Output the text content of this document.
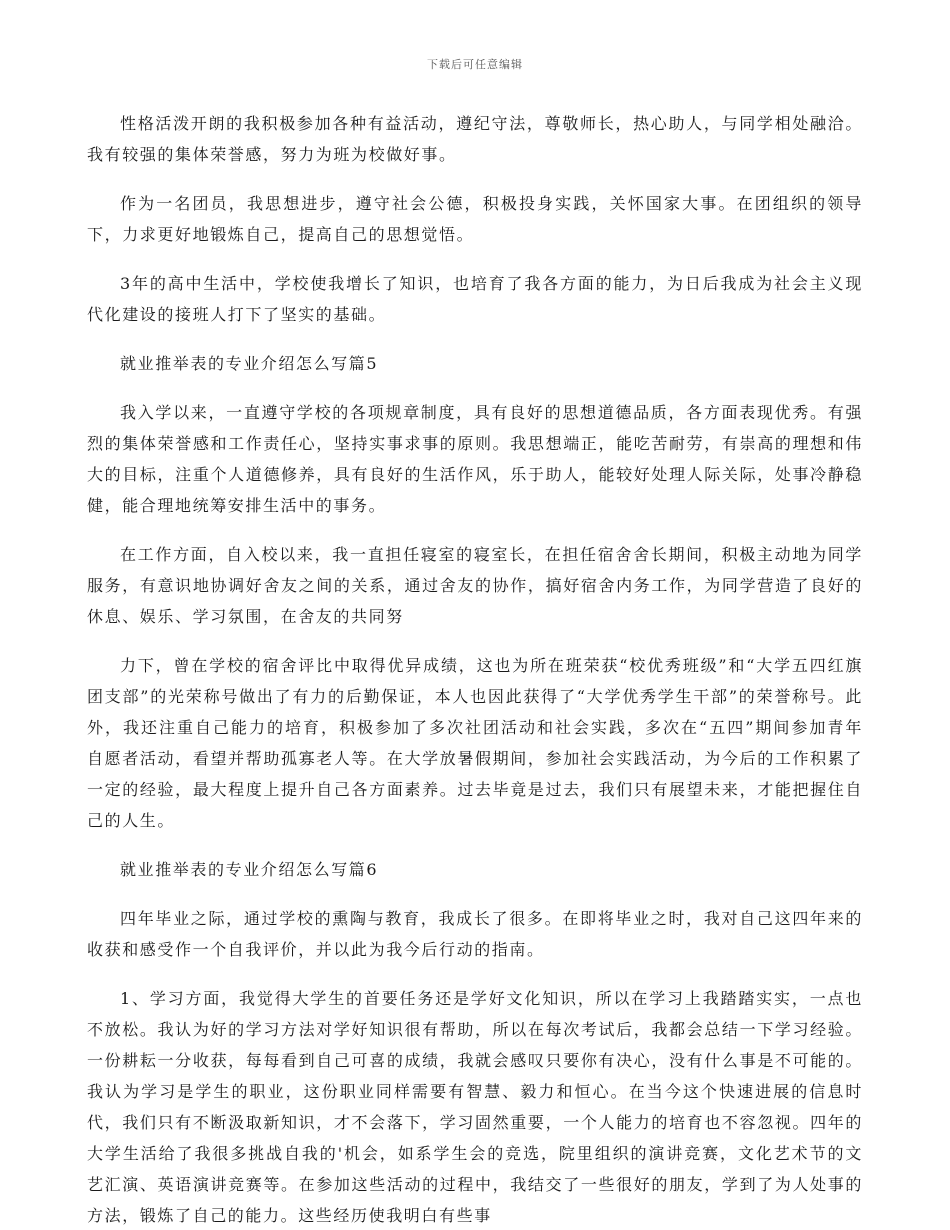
下载后可任意编辑

性格活泼开朗的我积极参加各种有益活动，遵纪守法，尊敬师长，热心助人，与同学相处融洽。我有较强的集体荣誉感，努力为班为校做好事。

作为一名团员，我思想进步，遵守社会公德，积极投身实践，关怀国家大事。在团组织的领导下，力求更好地锻炼自己，提高自己的思想觉悟。

3年的高中生活中，学校使我增长了知识，也培育了我各方面的能力，为日后我成为社会主义现代化建设的接班人打下了坚实的基础。

就业推举表的专业介绍怎么写篇5

我入学以来，一直遵守学校的各项规章制度，具有良好的思想道德品质，各方面表现优秀。有强烈的集体荣誉感和工作责任心，坚持实事求事的原则。我思想端正，能吃苦耐劳，有崇高的理想和伟大的目标，注重个人道德修养，具有良好的生活作风，乐于助人，能较好处理人际关际，处事冷静稳健，能合理地统筹安排生活中的事务。

在工作方面，自入校以来，我一直担任寝室的寝室长，在担任宿舍舍长期间，积极主动地为同学服务，有意识地协调好舍友之间的关系，通过舍友的协作，搞好宿舍内务工作，为同学营造了良好的休息、娱乐、学习氛围，在舍友的共同努

力下，曾在学校的宿舍评比中取得优异成绩，这也为所在班荣获“校优秀班级”和“大学五四红旗团支部”的光荣称号做出了有力的后勤保证，本人也因此获得了“大学优秀学生干部”的荣誉称号。此外，我还注重自己能力的培育，积极参加了多次社团活动和社会实践，多次在“五四”期间参加青年自愿者活动，看望并帮助孤寡老人等。在大学放暑假期间，参加社会实践活动，为今后的工作积累了一定的经验，最大程度上提升自己各方面素养。过去毕竟是过去，我们只有展望未来，才能把握住自己的人生。

就业推举表的专业介绍怎么写篇6

四年毕业之际，通过学校的熏陶与教育，我成长了很多。在即将毕业之时，我对自己这四年来的收获和感受作一个自我评价，并以此为我今后行动的指南。

1、学习方面，我觉得大学生的首要任务还是学好文化知识，所以在学习上我踏踏实实，一点也不放松。我认为好的学习方法对学好知识很有帮助，所以在每次考试后，我都会总结一下学习经验。一份耕耘一分收获，每每看到自己可喜的成绩，我就会感叹只要你有决心，没有什么事是不可能的。我认为学习是学生的职业，这份职业同样需要有智慧、毅力和恒心。在当今这个快速进展的信息时代，我们只有不断汲取新知识，才不会落下，学习固然重要，一个人能力的培育也不容忽视。四年的大学生活给了我很多挑战自我的'机会，如系学生会的竞选，院里组织的演讲竞赛，文化艺术节的文艺汇演、英语演讲竞赛等。在参加这些活动的过程中，我结交了一些很好的朋友，学到了为人处事的方法，锻炼了自己的能力。这些经历使我明白有些事
